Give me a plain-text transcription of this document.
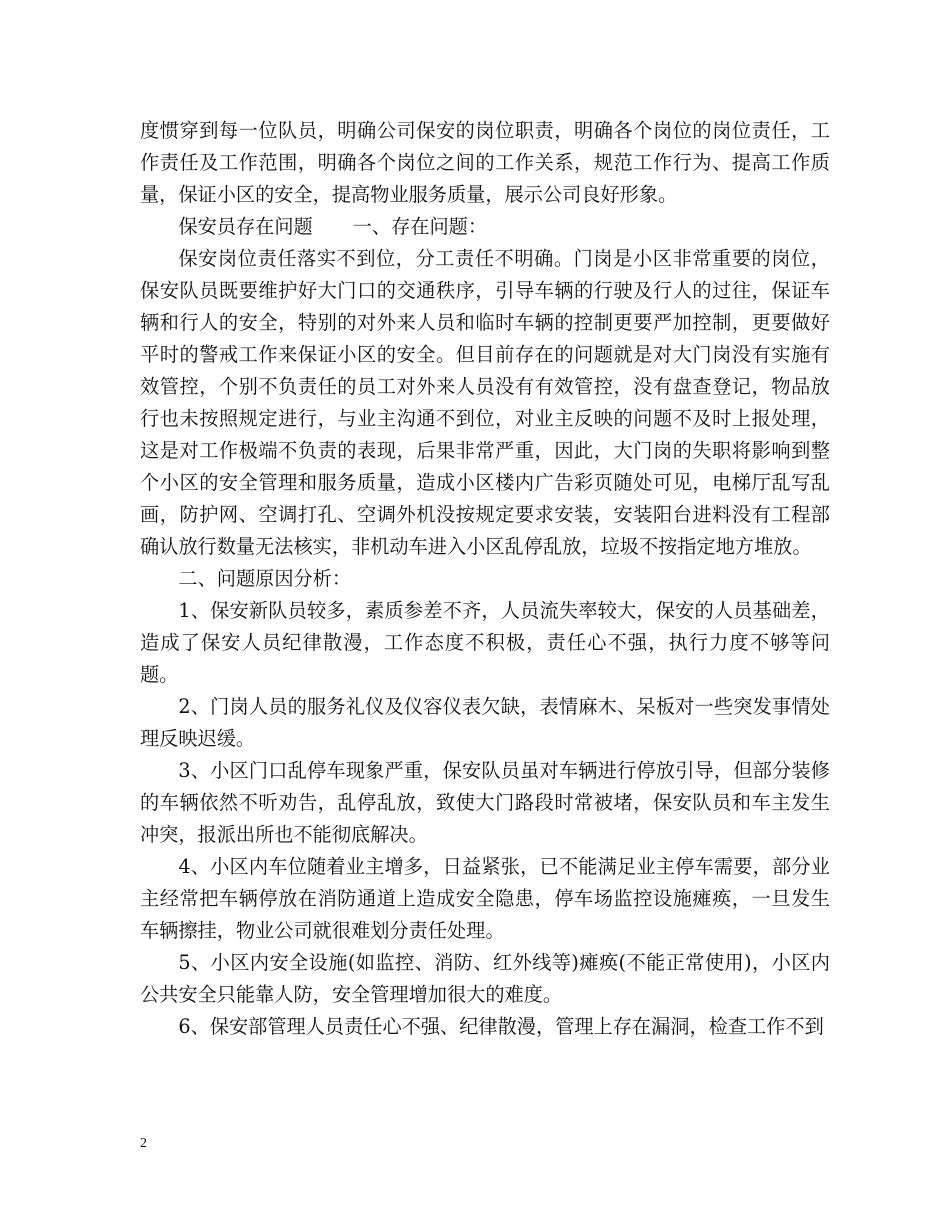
度惯穿到每一位队员，明确公司保安的岗位职责，明确各个岗位的岗位责任，工作责任及工作范围，明确各个岗位之间的工作关系，规范工作行为、提高工作质量，保证小区的安全，提高物业服务质量，展示公司良好形象。

保安员存在问题 一、存在问题：

保安岗位责任落实不到位，分工责任不明确。门岗是小区非常重要的岗位，保安队员既要维护好大门口的交通秩序，引导车辆的行驶及行人的过往，保证车辆和行人的安全，特别的对外来人员和临时车辆的控制更要严加控制，更要做好平时的警戒工作来保证小区的安全。但目前存在的问题就是对大门岗没有实施有效管控，个别不负责任的员工对外来人员没有有效管控，没有盘查登记，物品放行也未按照规定进行，与业主沟通不到位，对业主反映的问题不及时上报处理，这是对工作极端不负责的表现，后果非常严重，因此，大门岗的失职将影响到整个小区的安全管理和服务质量，造成小区楼内广告彩页随处可见，电梯厅乱写乱画，防护网、空调打孔、空调外机没按规定要求安装，安装阳台进料没有工程部确认放行数量无法核实，非机动车进入小区乱停乱放，垃圾不按指定地方堆放。

二、问题原因分析：

1、保安新队员较多，素质参差不齐，人员流失率较大，保安的人员基础差，造成了保安人员纪律散漫，工作态度不积极，责任心不强，执行力度不够等问题。

2、门岗人员的服务礼仪及仪容仪表欠缺，表情麻木、呆板对一些突发事情处理反映迟缓。

3、小区门口乱停车现象严重，保安队员虽对车辆进行停放引导，但部分装修的车辆依然不听劝告，乱停乱放，致使大门路段时常被堵，保安队员和车主发生冲突，报派出所也不能彻底解决。

4、小区内车位随着业主增多，日益紧张，已不能满足业主停车需要，部分业主经常把车辆停放在消防通道上造成安全隐患，停车场监控设施瘫痪，一旦发生车辆擦挂，物业公司就很难划分责任处理。

5、小区内安全设施(如监控、消防、红外线等)瘫痪(不能正常使用)，小区内公共安全只能靠人防，安全管理增加很大的难度。

6、保安部管理人员责任心不强、纪律散漫，管理上存在漏洞，检查工作不到

2
